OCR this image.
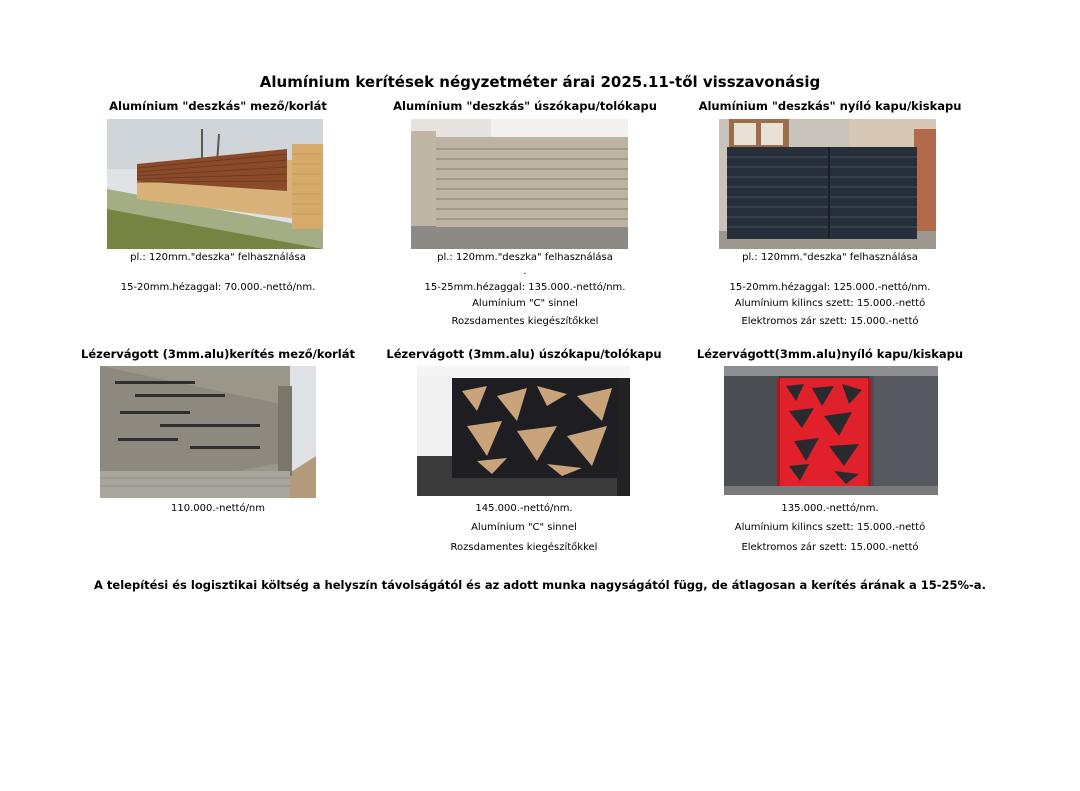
Alumínium kerítések négyzetméter árai 2025.11-től visszavonásig
Alumínium "deszkás" mező/korlát	Alumínium "deszkás" úszókapu/tolókapu	Alumínium "deszkás" nyíló kapu/kiskapu
pl.: 120mm."deszka" felhasználása
15-20mm.hézaggal: 70.000.-nettó/nm.
pl.: 120mm."deszka" felhasználása
.
15-25mm.hézaggal: 135.000.-nettó/nm.
Alumínium "C" sinnel
Rozsdamentes kiegészítőkkel
pl.: 120mm."deszka" felhasználása
15-20mm.hézaggal: 125.000.-nettó/nm.
Alumínium kilincs szett: 15.000.-nettó
Elektromos zár szett: 15.000.-nettó
Lézervágott (3mm.alu)kerítés mező/korlát	Lézervágott (3mm.alu) úszókapu/tolókapu	Lézervágott(3mm.alu)nyíló kapu/kiskapu
110.000.-nettó/nm	145.000.-nettó/nm.
Alumínium "C" sinnel
Rozsdamentes kiegészítőkkel
135.000.-nettó/nm.
Alumínium kilincs szett: 15.000.-nettó
Elektromos zár szett: 15.000.-nettó
A telepítési és logisztikai költség a helyszín távolságától és az adott munka nagyságától függ, de átlagosan a kerítés árának a 15-25%-a.
